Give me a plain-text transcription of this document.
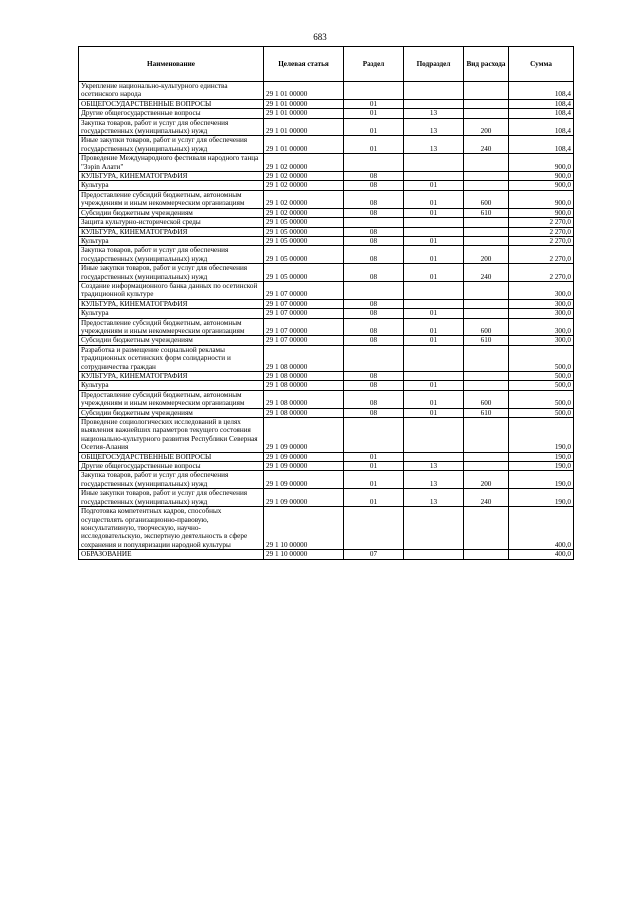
683
Наименование	Целевая статья	Раздел	Подраздел	Вид расхода	Сумма
Укрепление национально-культурного единства осетинского народа	29 1 01 00000				108,4
ОБЩЕГОСУДАРСТВЕННЫЕ ВОПРОСЫ	29 1 01 00000	01			108,4
Другие общегосударственные вопросы	29 1 01 00000	01	13		108,4
Закупка товаров, работ и услуг для обеспечения государственных (муниципальных) нужд	29 1 01 00000	01	13	200	108,4
Иные закупки товаров, работ и услуг для обеспечения государственных (муниципальных) нужд	29 1 01 00000	01	13	240	108,4
Проведение Международного фестиваля народного танца "Зэрin Алати"	29 1 02 00000				900,0
КУЛЬТУРА, КИНЕМАТОГРАФИЯ	29 1 02 00000	08			900,0
Культура	29 1 02 00000	08	01		900,0
Предоставление субсидий бюджетным, автономным учреждениям и иным некоммерческим организациям	29 1 02 00000	08	01	600	900,0
Субсидии бюджетным учреждениям	29 1 02 00000	08	01	610	900,0
Защита культурно-исторической среды	29 1 05 00000				2 270,0
КУЛЬТУРА, КИНЕМАТОГРАФИЯ	29 1 05 00000	08			2 270,0
Культура	29 1 05 00000	08	01		2 270,0
Закупка товаров, работ и услуг для обеспечения государственных (муниципальных) нужд	29 1 05 00000	08	01	200	2 270,0
Иные закупки товаров, работ и услуг для обеспечения государственных (муниципальных) нужд	29 1 05 00000	08	01	240	2 270,0
Создание информационного банка данных по осетинской традиционной культуре	29 1 07 00000				300,0
КУЛЬТУРА, КИНЕМАТОГРАФИЯ	29 1 07 00000	08			300,0
Культура	29 1 07 00000	08	01		300,0
Предоставление субсидий бюджетным, автономным учреждениям и иным некоммерческим организациям	29 1 07 00000	08	01	600	300,0
Субсидии бюджетным учреждениям	29 1 07 00000	08	01	610	300,0
Разработка и размещение социальной рекламы традиционных осетинских форм солидарности и сотрудничества граждан	29 1 08 00000				500,0
КУЛЬТУРА, КИНЕМАТОГРАФИЯ	29 1 08 00000	08			500,0
Культура	29 1 08 00000	08	01		500,0
Предоставление субсидий бюджетным, автономным учреждениям и иным некоммерческим организациям	29 1 08 00000	08	01	600	500,0
Субсидии бюджетным учреждениям	29 1 08 00000	08	01	610	500,0
Проведение социологических исследований в целях выявления важнейших параметров текущего состояния национально-культурного развития Республики Северная Осетия-Алания	29 1 09 00000				190,0
ОБЩЕГОСУДАРСТВЕННЫЕ ВОПРОСЫ	29 1 09 00000	01			190,0
Другие общегосударственные вопросы	29 1 09 00000	01	13		190,0
Закупка товаров, работ и услуг для обеспечения государственных (муниципальных) нужд	29 1 09 00000	01	13	200	190,0
Иные закупки товаров, работ и услуг для обеспечения государственных (муниципальных) нужд	29 1 09 00000	01	13	240	190,0
Подготовка компетентных кадров, способных осуществлять организационно-правовую, консультативную, творческую, научно-исследовательскую, экспертную деятельность в сфере сохранения и популяризации народной культуры	29 1 10 00000				400,0
ОБРАЗОВАНИЕ	29 1 10 00000	07			400,0
